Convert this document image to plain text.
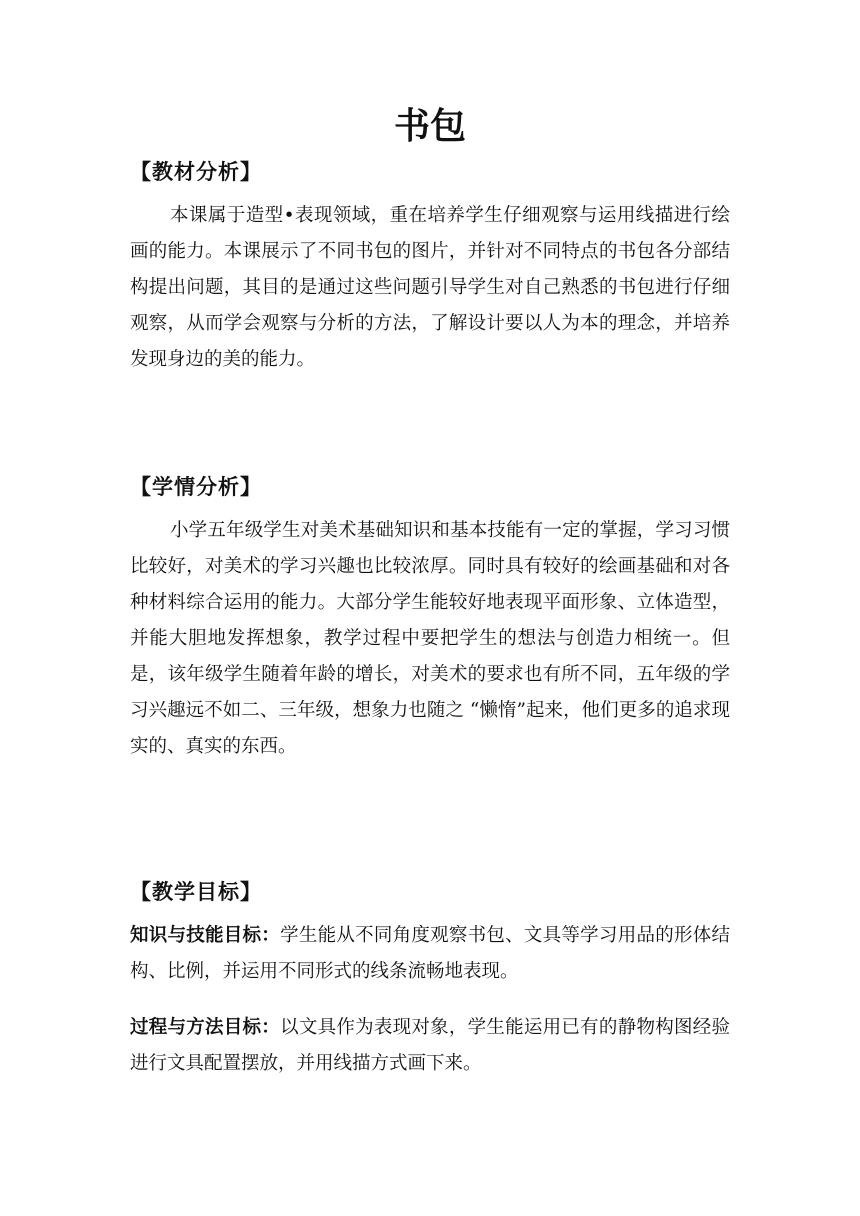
书包
【教材分析】

本课属于造型•表现领域，重在培养学生仔细观察与运用线描进行绘画的能力。本课展示了不同书包的图片，并针对不同特点的书包各分部结构提出问题，其目的是通过这些问题引导学生对自己熟悉的书包进行仔细观察，从而学会观察与分析的方法，了解设计要以人为本的理念，并培养发现身边的美的能力。

【学情分析】

小学五年级学生对美术基础知识和基本技能有一定的掌握，学习习惯比较好，对美术的学习兴趣也比较浓厚。同时具有较好的绘画基础和对各种材料综合运用的能力。大部分学生能较好地表现平面形象、立体造型，并能大胆地发挥想象，教学过程中要把学生的想法与创造力相统一。但是，该年级学生随着年龄的增长，对美术的要求也有所不同，五年级的学习兴趣远不如二、三年级，想象力也随之 “懒惰”起来，他们更多的追求现实的、真实的东西。

【教学目标】

知识与技能目标：学生能从不同角度观察书包、文具等学习用品的形体结构、比例，并运用不同形式的线条流畅地表现。

过程与方法目标：以文具作为表现对象，学生能运用已有的静物构图经验进行文具配置摆放，并用线描方式画下来。
